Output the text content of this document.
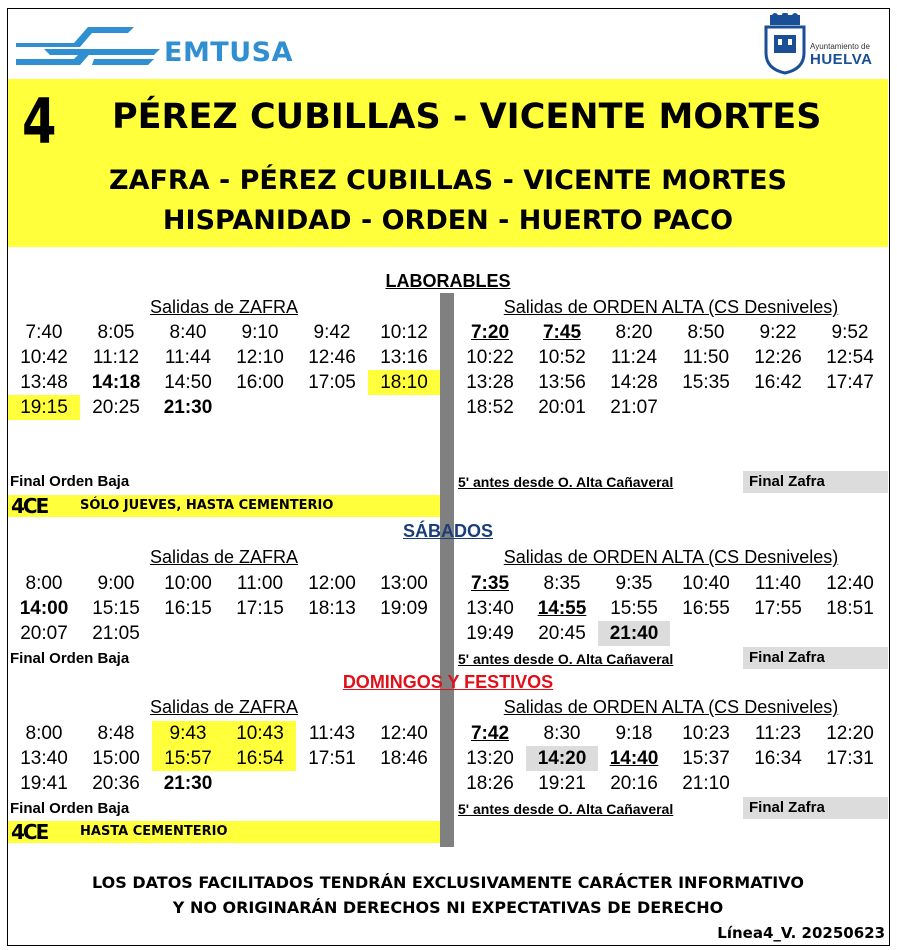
EMTUSA	Ayuntamiento de
HUELVA
4 PÉREZ CUBILLAS - VICENTE MORTES
ZAFRA - PÉREZ CUBILLAS - VICENTE MORTES
HISPANIDAD - ORDEN - HUERTO PACO
LABORABLES
Salidas de ZAFRA	Salidas de ORDEN ALTA (CS Desniveles)
7:40	8:05	8:40	9:10	9:42	10:12
10:42	11:12	11:44	12:10	12:46	13:16
13:48	14:18	14:50	16:00	17:05	18:10
19:15	20:25	21:30
7:20	7:45	8:20	8:50	9:22	9:52
10:22	10:52	11:24	11:50	12:26	12:54
13:28	13:56	14:28	15:35	16:42	17:47
18:52	20:01	21:07
Final Orden Baja	5' antes desde O. Alta Cañaveral	Final Zafra
4CE	SÓLO JUEVES, HASTA CEMENTERIO
SÁBADOS
Salidas de ZAFRA	Salidas de ORDEN ALTA (CS Desniveles)
8:00	9:00	10:00	11:00	12:00	13:00
14:00	15:15	16:15	17:15	18:13	19:09
20:07	21:05
7:35	8:35	9:35	10:40	11:40	12:40
13:40	14:55	15:55	16:55	17:55	18:51
19:49	20:45	21:40
Final Orden Baja	5' antes desde O. Alta Cañaveral	Final Zafra
DOMINGOS Y FESTIVOS
Salidas de ZAFRA	Salidas de ORDEN ALTA (CS Desniveles)
8:00	8:48	9:43	10:43	11:43	12:40
13:40	15:00	15:57	16:54	17:51	18:46
19:41	20:36	21:30
7:42	8:30	9:18	10:23	11:23	12:20
13:20	14:20	14:40	15:37	16:34	17:31
18:26	19:21	20:16	21:10
Final Orden Baja	5' antes desde O. Alta Cañaveral	Final Zafra
4CE	HASTA CEMENTERIO
LOS DATOS FACILITADOS TENDRÁN EXCLUSIVAMENTE CARÁCTER INFORMATIVO
Y NO ORIGINARÁN DERECHOS NI EXPECTATIVAS DE DERECHO
Línea4_V. 20250623
